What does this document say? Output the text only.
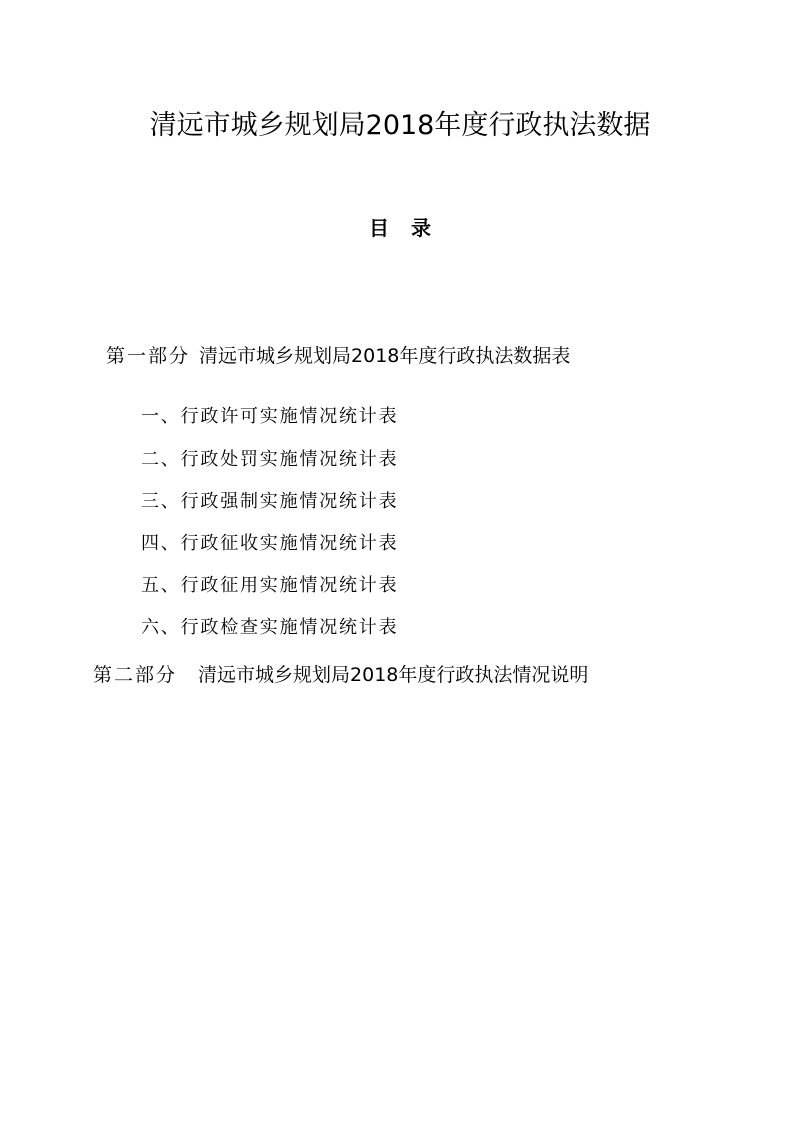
清远市城乡规划局2018年度行政执法数据
目录
第一部分 清远市城乡规划局2018年度行政执法数据表
一、行政许可实施情况统计表
二、行政处罚实施情况统计表
三、行政强制实施情况统计表
四、行政征收实施情况统计表
五、行政征用实施情况统计表
六、行政检查实施情况统计表
第二部分 清远市城乡规划局2018年度行政执法情况说明
